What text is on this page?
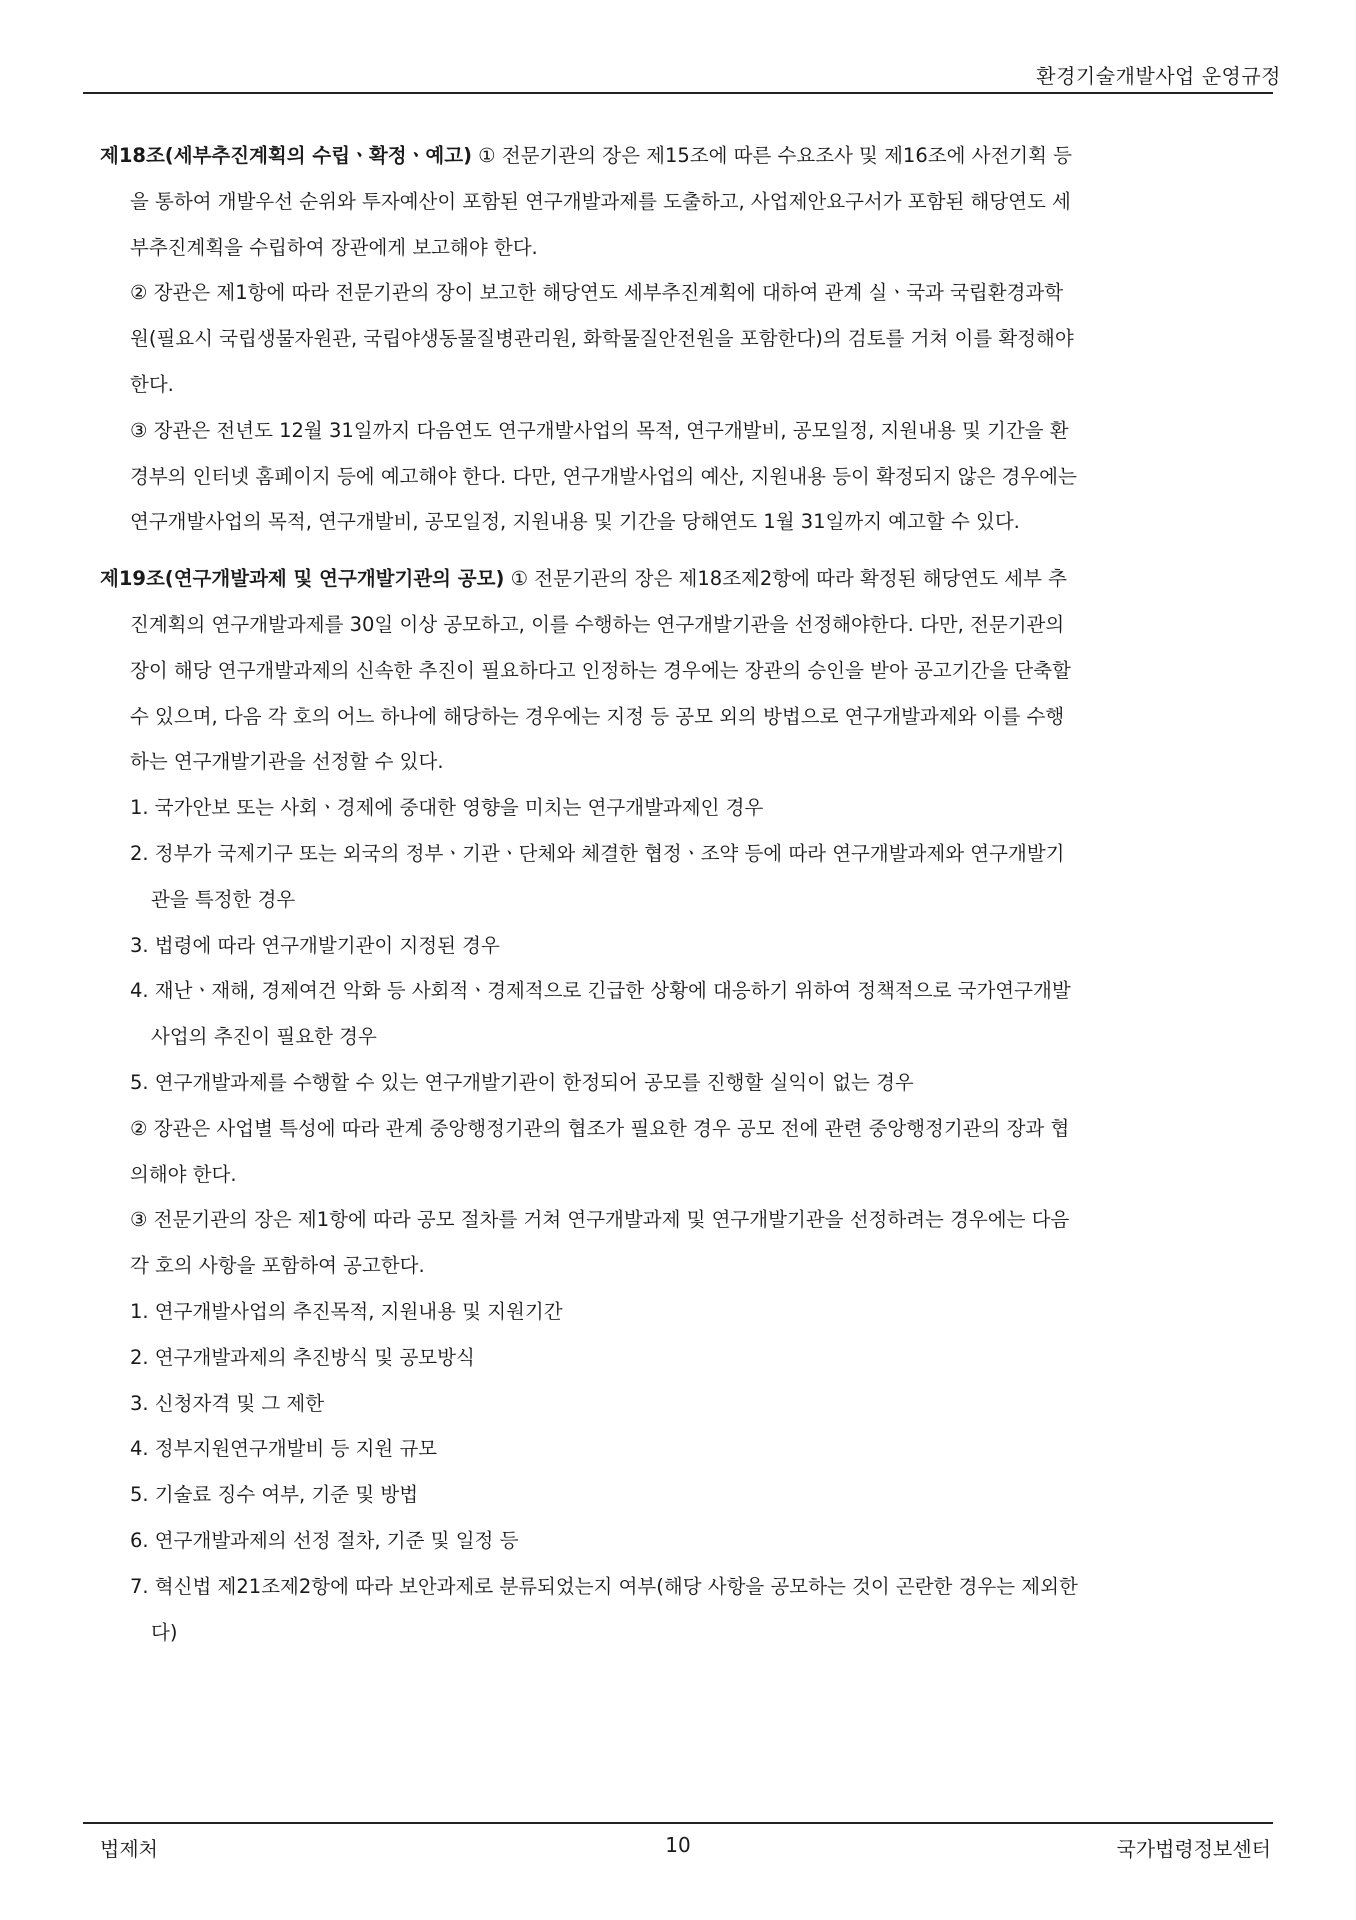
환경기술개발사업 운영규정
제18조(세부추진계획의 수립ㆍ확정ㆍ예고) ① 전문기관의 장은 제15조에 따른 수요조사 및 제16조에 사전기획 등
을 통하여 개발우선 순위와 투자예산이 포함된 연구개발과제를 도출하고, 사업제안요구서가 포함된 해당연도 세
부추진계획을 수립하여 장관에게 보고해야 한다.
② 장관은 제1항에 따라 전문기관의 장이 보고한 해당연도 세부추진계획에 대하여 관계 실ㆍ국과 국립환경과학
원(필요시 국립생물자원관, 국립야생동물질병관리원, 화학물질안전원을 포함한다)의 검토를 거쳐 이를 확정해야
한다.
③ 장관은 전년도 12월 31일까지 다음연도 연구개발사업의 목적, 연구개발비, 공모일정, 지원내용 및 기간을 환
경부의 인터넷 홈페이지 등에 예고해야 한다. 다만, 연구개발사업의 예산, 지원내용 등이 확정되지 않은 경우에는
연구개발사업의 목적, 연구개발비, 공모일정, 지원내용 및 기간을 당해연도 1월 31일까지 예고할 수 있다.
제19조(연구개발과제 및 연구개발기관의 공모) ① 전문기관의 장은 제18조제2항에 따라 확정된 해당연도 세부 추
진계획의 연구개발과제를 30일 이상 공모하고, 이를 수행하는 연구개발기관을 선정해야한다. 다만, 전문기관의
장이 해당 연구개발과제의 신속한 추진이 필요하다고 인정하는 경우에는 장관의 승인을 받아 공고기간을 단축할
수 있으며, 다음 각 호의 어느 하나에 해당하는 경우에는 지정 등 공모 외의 방법으로 연구개발과제와 이를 수행
하는 연구개발기관을 선정할 수 있다.
1. 국가안보 또는 사회ㆍ경제에 중대한 영향을 미치는 연구개발과제인 경우
2. 정부가 국제기구 또는 외국의 정부ㆍ기관ㆍ단체와 체결한 협정ㆍ조약 등에 따라 연구개발과제와 연구개발기
관을 특정한 경우
3. 법령에 따라 연구개발기관이 지정된 경우
4. 재난ㆍ재해, 경제여건 악화 등 사회적ㆍ경제적으로 긴급한 상황에 대응하기 위하여 정책적으로 국가연구개발
사업의 추진이 필요한 경우
5. 연구개발과제를 수행할 수 있는 연구개발기관이 한정되어 공모를 진행할 실익이 없는 경우
② 장관은 사업별 특성에 따라 관계 중앙행정기관의 협조가 필요한 경우 공모 전에 관련 중앙행정기관의 장과 협
의해야 한다.
③ 전문기관의 장은 제1항에 따라 공모 절차를 거쳐 연구개발과제 및 연구개발기관을 선정하려는 경우에는 다음
각 호의 사항을 포함하여 공고한다.
1. 연구개발사업의 추진목적, 지원내용 및 지원기간
2. 연구개발과제의 추진방식 및 공모방식
3. 신청자격 및 그 제한
4. 정부지원연구개발비 등 지원 규모
5. 기술료 징수 여부, 기준 및 방법
6. 연구개발과제의 선정 절차, 기준 및 일정 등
7. 혁신법 제21조제2항에 따라 보안과제로 분류되었는지 여부(해당 사항을 공모하는 것이 곤란한 경우는 제외한
다)
법제처	10	국가법령정보센터
